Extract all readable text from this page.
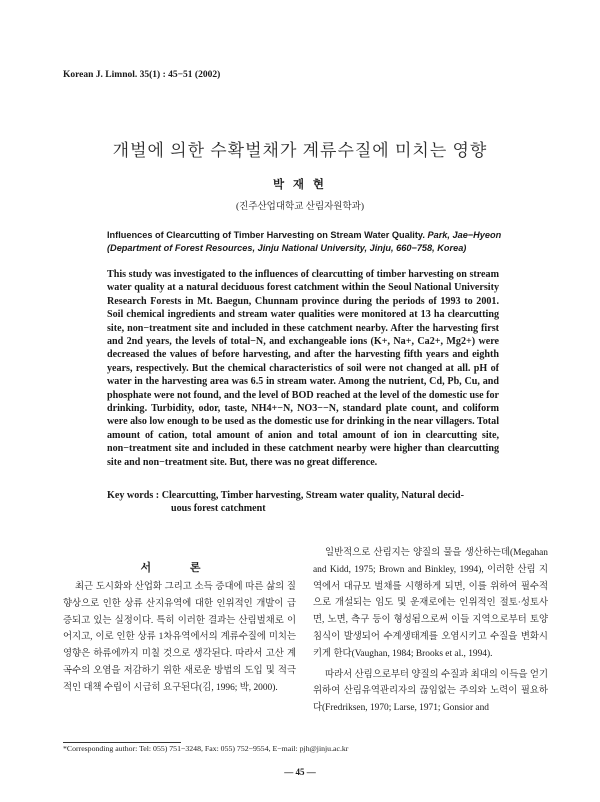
Korean J. Limnol. 35(1) : 45−51 (2002)
개벌에 의한 수확벌채가 계류수질에 미치는 영향
박 재 현
(진주산업대학교 산림자원학과)
Influences of Clearcutting of Timber Harvesting on Stream Water Quality. Park, Jae−Hyeon
(Department of Forest Resources, Jinju National University, Jinju, 660−758, Korea)
This study was investigated to the influences of clearcutting of timber harvesting on stream water quality at a natural deciduous forest catchment within the Seoul National University Research Forests in Mt. Baegun, Chunnam province during the periods of 1993 to 2001. Soil chemical ingredients and stream water qualities were monitored at 13 ha clearcutting site, non−treatment site and included in these catchment nearby. After the harvesting first and 2nd years, the levels of total−N, and exchangeable ions (K+, Na+, Ca2+, Mg2+) were decreased the values of before harvesting, and after the harvesting fifth years and eighth years, respectively. But the chemical characteristics of soil were not changed at all. pH of water in the harvesting area was 6.5 in stream water. Among the nutrient, Cd, Pb, Cu, and phosphate were not found, and the level of BOD reached at the level of the domestic use for drinking. Turbidity, odor, taste, NH4+−N, NO3−−N, standard plate count, and coliform were also low enough to be used as the domestic use for drinking in the near villagers. Total amount of cation, total amount of anion and total amount of ion in clearcutting site, non−treatment site and included in these catchment nearby were higher than clearcutting site and non−treatment site. But, there was no great difference.
Key words : Clearcutting, Timber harvesting, Stream water quality, Natural decid-
uous forest catchment
서 론
최근 도시화와 산업화 그리고 소득 증대에 따른 삶의 질 향상으로 인한 상류 산지유역에 대한 인위적인 개발이 급증되고 있는 실정이다. 특히 이러한 결과는 산림벌채로 이어지고, 이로 인한 상류 1차유역에서의 계류수질에 미치는 영향은 하류에까지 미칠 것으로 생각된다. 따라서 고산 계곡수의 오염을 저감하기 위한 새로운 방법의 도입 및 적극적인 대책 수립이 시급히 요구된다(김, 1996; 박, 2000).

일반적으로 산림지는 양질의 물을 생산하는데(Megahan and Kidd, 1975; Brown and Binkley, 1994), 이러한 산림 지역에서 대규모 벌채를 시행하게 되면, 이를 위하여 필수적으로 개설되는 임도 및 운재로에는 인위적인 절토·성토사면, 노면, 측구 등이 형성됨으로써 이들 지역으로부터 토양침식이 발생되어 수계생태계를 오염시키고 수질을 변화시키게 한다(Vaughan, 1984; Brooks et al., 1994).

따라서 산림으로부터 양질의 수질과 최대의 이득을 얻기 위하여 산림유역관리자의 끊임없는 주의와 노력이 필요하다(Fredriksen, 1970; Larse, 1971; Gonsior and

*Corresponding author: Tel: 055) 751−3248, Fax: 055) 752−9554, E−mail: pjh@jinju.ac.kr
— 45 —
